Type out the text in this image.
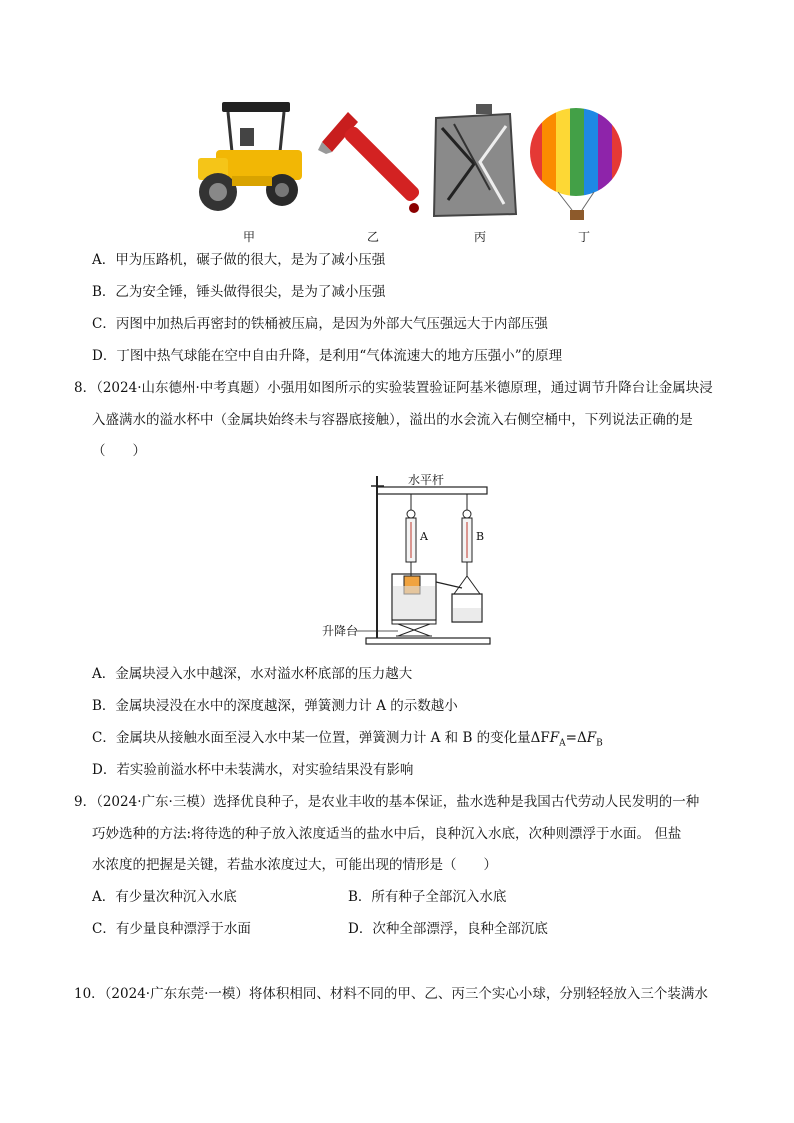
甲	乙	丙	丁
A．甲为压路机，碾子做的很大，是为了减小压强
B．乙为安全锤，锤头做得很尖，是为了减小压强
C．丙图中加热后再密封的铁桶被压扁，是因为外部大气压强远大于内部压强
D．丁图中热气球能在空中自由升降，是利用“气体流速大的地方压强小”的原理
8．（2024·山东德州·中考真题）小强用如图所示的实验装置验证阿基米德原理，通过调节升降台让金属块浸
入盛满水的溢水杯中（金属块始终未与容器底接触），溢出的水会流入右侧空桶中，下列说法正确的是
（　　）
水平杆
A	B
升降台
A．金属块浸入水中越深，水对溢水杯底部的压力越大
B．金属块浸没在水中的深度越深，弹簧测力计 A 的示数越小
C．金属块从接触水面至浸入水中某一位置，弹簧测力计 A 和 B 的变化量$\Delta FF_A=\Delta F_B$
D．若实验前溢水杯中未装满水，对实验结果没有影响
9．（2024·广东·三模）选择优良种子，是农业丰收的基本保证，盐水选种是我国古代劳动人民发明的一种
巧妙选种的方法:将待选的种子放入浓度适当的盐水中后，良种沉入水底，次种则漂浮于水面。 但盐
水浓度的把握是关键，若盐水浓度过大，可能出现的情形是（　　）
A．有少量次种沉入水底	B．所有种子全部沉入水底
C．有少量良种漂浮于水面	D．次种全部漂浮，良种全部沉底
10．（2024·广东东莞·一模）将体积相同、材料不同的甲、乙、丙三个实心小球，分别轻轻放入三个装满水
